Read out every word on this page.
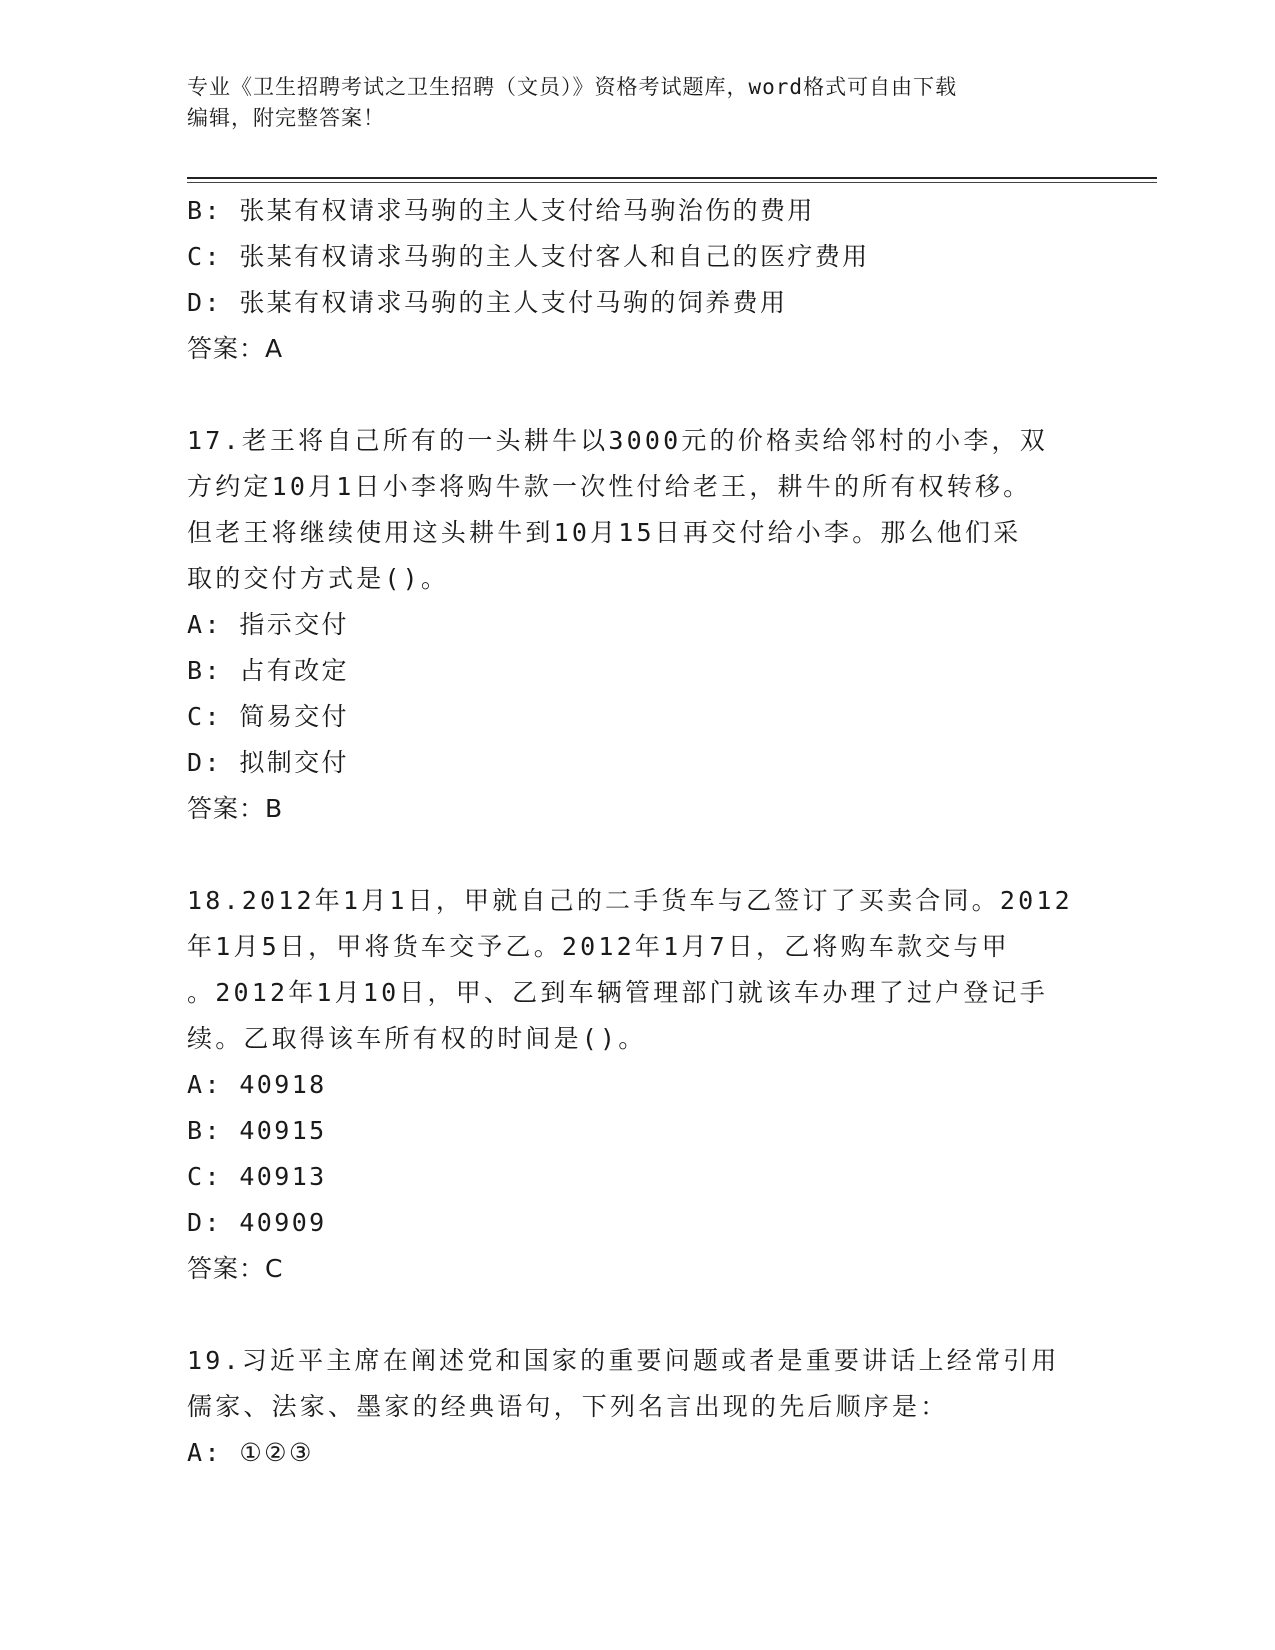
专业《卫生招聘考试之卫生招聘（文员）》资格考试题库，word格式可自由下载
编辑，附完整答案！
B: 张某有权请求马驹的主人支付给马驹治伤的费用
C: 张某有权请求马驹的主人支付客人和自己的医疗费用
D: 张某有权请求马驹的主人支付马驹的饲养费用
答案：A
17.老王将自己所有的一头耕牛以3000元的价格卖给邻村的小李，双
方约定10月1日小李将购牛款一次性付给老王，耕牛的所有权转移。
但老王将继续使用这头耕牛到10月15日再交付给小李。那么他们采
取的交付方式是()。
A: 指示交付
B: 占有改定
C: 简易交付
D: 拟制交付
答案：B
18.2012年1月1日，甲就自己的二手货车与乙签订了买卖合同。2012
年1月5日，甲将货车交予乙。2012年1月7日，乙将购车款交与甲
。2012年1月10日，甲、乙到车辆管理部门就该车办理了过户登记手
续。乙取得该车所有权的时间是()。
A: 40918
B: 40915
C: 40913
D: 40909
答案：C
19.习近平主席在阐述党和国家的重要问题或者是重要讲话上经常引用
儒家、法家、墨家的经典语句，下列名言出现的先后顺序是：
A: ①②③
